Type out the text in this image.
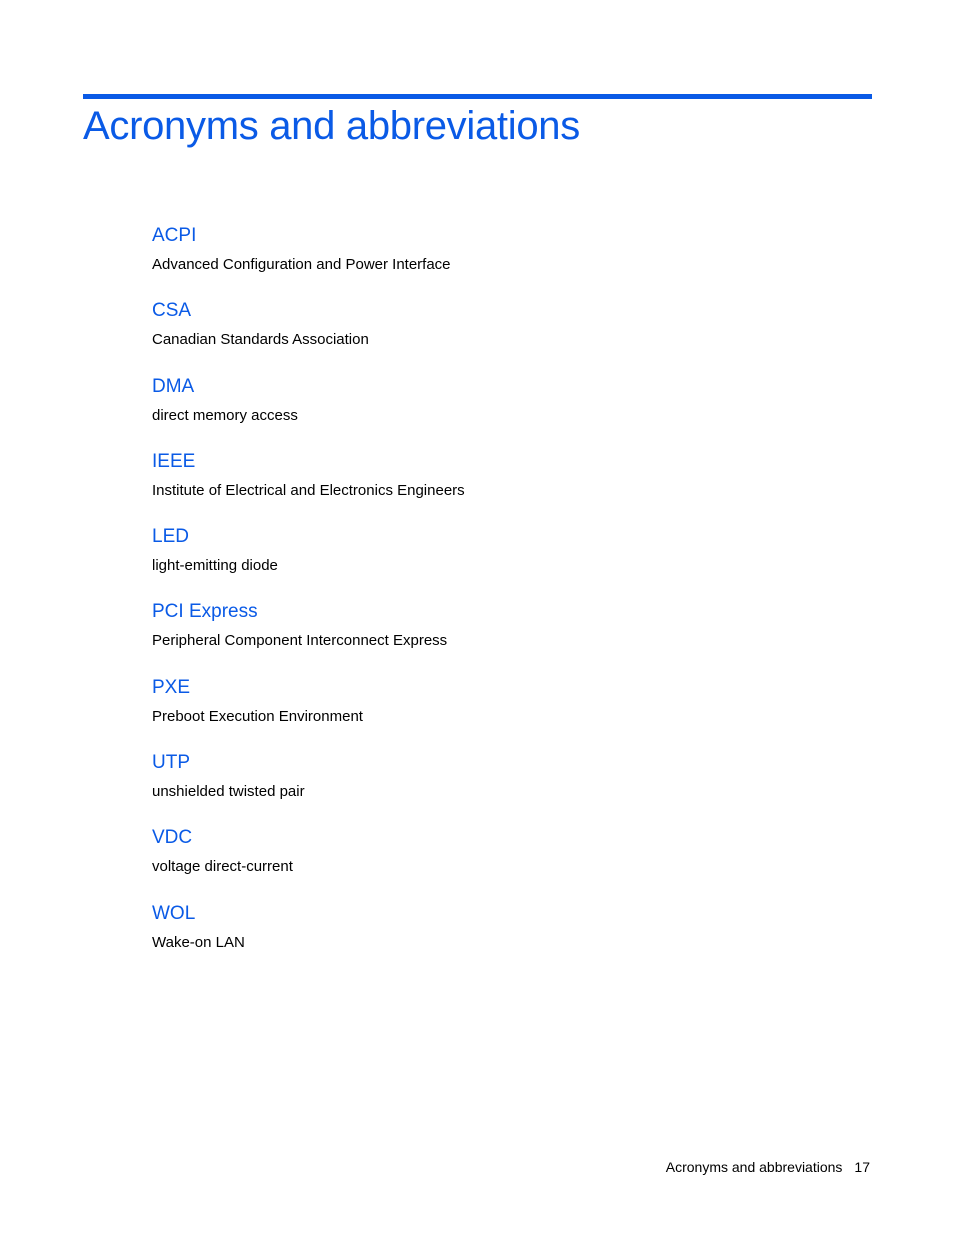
Acronyms and abbreviations
ACPI
Advanced Configuration and Power Interface
CSA
Canadian Standards Association
DMA
direct memory access
IEEE
Institute of Electrical and Electronics Engineers
LED
light-emitting diode
PCI Express
Peripheral Component Interconnect Express
PXE
Preboot Execution Environment
UTP
unshielded twisted pair
VDC
voltage direct-current
WOL
Wake-on LAN
Acronyms and abbreviations 17
